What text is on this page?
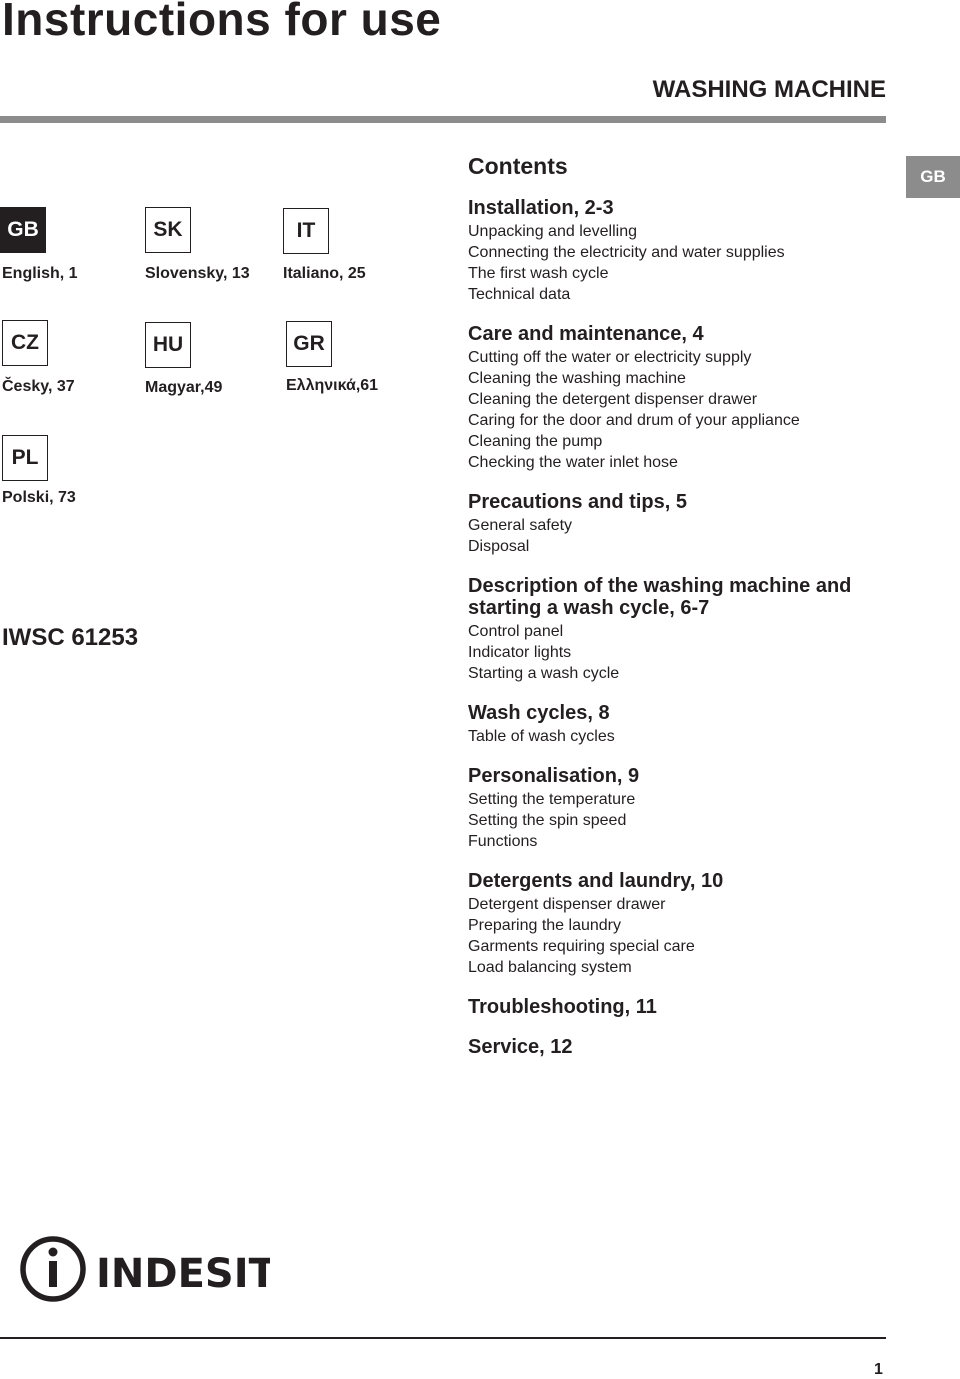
Instructions for use
WASHING MACHINE
GB
GB
English, 1
SK
Slovensky, 13
IT
Italiano, 25
CZ
Česky, 37
HU
Magyar,49
GR
Ελληνικά,61
PL
Polski, 73
IWSC 61253
Contents
Installation, 2-3
Unpacking and levelling
Connecting the electricity and water supplies
The first wash cycle
Technical data
Care and maintenance, 4
Cutting off the water or electricity supply
Cleaning the washing machine
Cleaning the detergent dispenser drawer
Caring for the door and drum of your appliance
Cleaning the pump
Checking the water inlet hose
Precautions and tips, 5
General safety
Disposal
Description of the washing machine and starting a wash cycle, 6-7
Control panel
Indicator lights
Starting a wash cycle
Wash cycles, 8
Table of wash cycles
Personalisation, 9
Setting the temperature
Setting the spin speed
Functions
Detergents and laundry, 10
Detergent dispenser drawer
Preparing the laundry
Garments requiring special care
Load balancing system
Troubleshooting, 11
Service, 12
INDESIT
1
